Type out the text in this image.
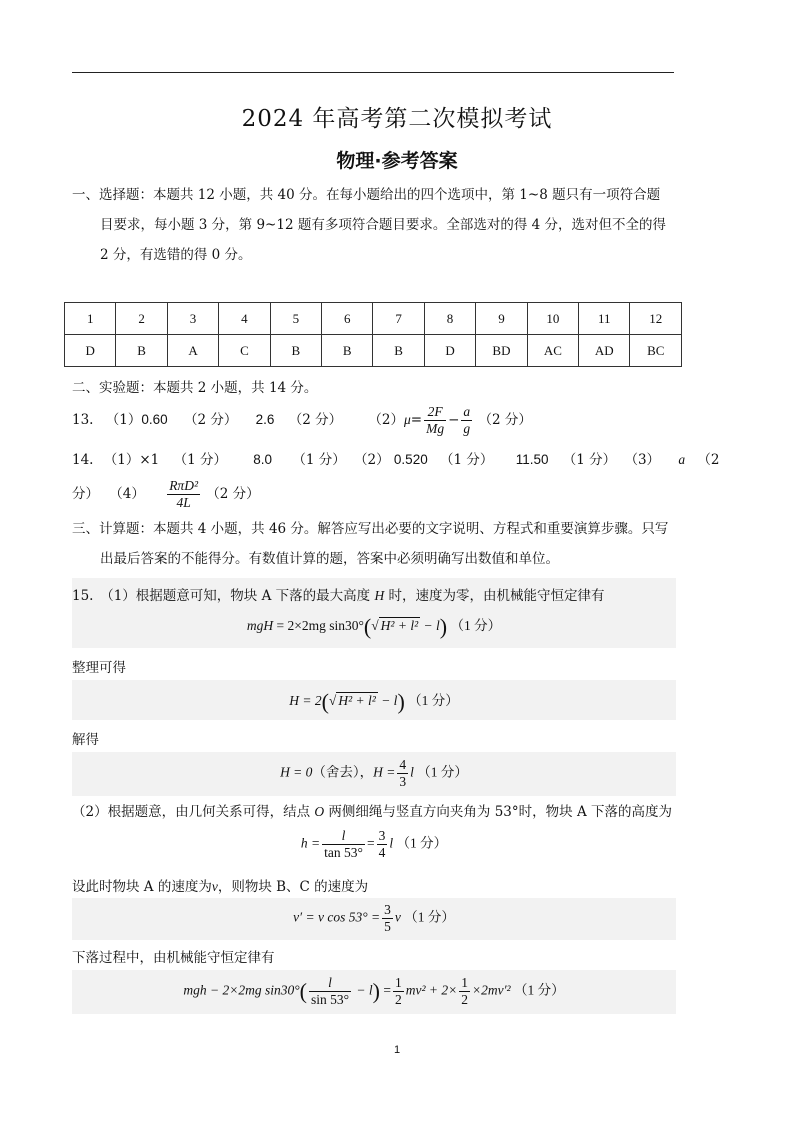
2024 年高考第二次模拟考试
物理·参考答案
一、选择题：本题共 12 小题，共 40 分。在每小题给出的四个选项中，第 1~8 题只有一项符合题
目要求，每小题 3 分，第 9~12 题有多项符合题目要求。全部选对的得 4 分，选对但不全的得
2 分，有选错的得 0 分。
1	2	3	4	5	6	7	8	9	10	11	12
D	B	A	C	B	B	B	D	BD	AC	AD	BC
二、实验题：本题共 2 小题，共 14 分。
13. （1）0.60 （2 分） 2.6 （2 分） $(2)\mu= \frac{2F}{Mg} - \frac{a}{g} (2$ 分）
14. （1）×1 （1 分） 8.0 （1 分） （2） 0.520 （1 分） 11.50 （1 分） （3） a （2
分） $(4) \frac{\text{RπD²}}{4L} (2$ 分）
三、计算题：本题共 4 小题，共 46 分。解答应写出必要的文字说明、方程式和重要演算步骤。只写
出最后答案的不能得分。有数值计算的题，答案中必须明确写出数值和单位。
15.　（1）根据题意可知，物块 A 下落的最大高度 H 时，速度为零，由机械能守恒定律有
mgH = 2×2mg sin30°(√ H² + l² − l) （1 分）
整理可得
H = 2(√ H² + l² − l) （1 分）
解得
H = 0（舍去），$H = \frac{4}{3}$ l （1 分）
（2）根据题意，由几何关系可得，结点 O 两侧细绳与竖直方向夹角为 53°时，物块 A 下落的高度为
$h = \frac{l}{\tan 53^\circ} = \frac{3}{4}$ l （1 分）
设此时物块 A 的速度为v，则物块 B、C 的速度为
v′ = v $\cos 53^\circ = \frac{3}{5}$ v （1 分）
下落过程中，由机械能守恒定律有
mgh − 2×2mg $\sin 30^\circ( \frac{l}{\sin 53^\circ} - l) = \frac{1}{2} mv^2 + 2\times \frac{1}{2} \times 2mv'^2$ （1 分）
1
